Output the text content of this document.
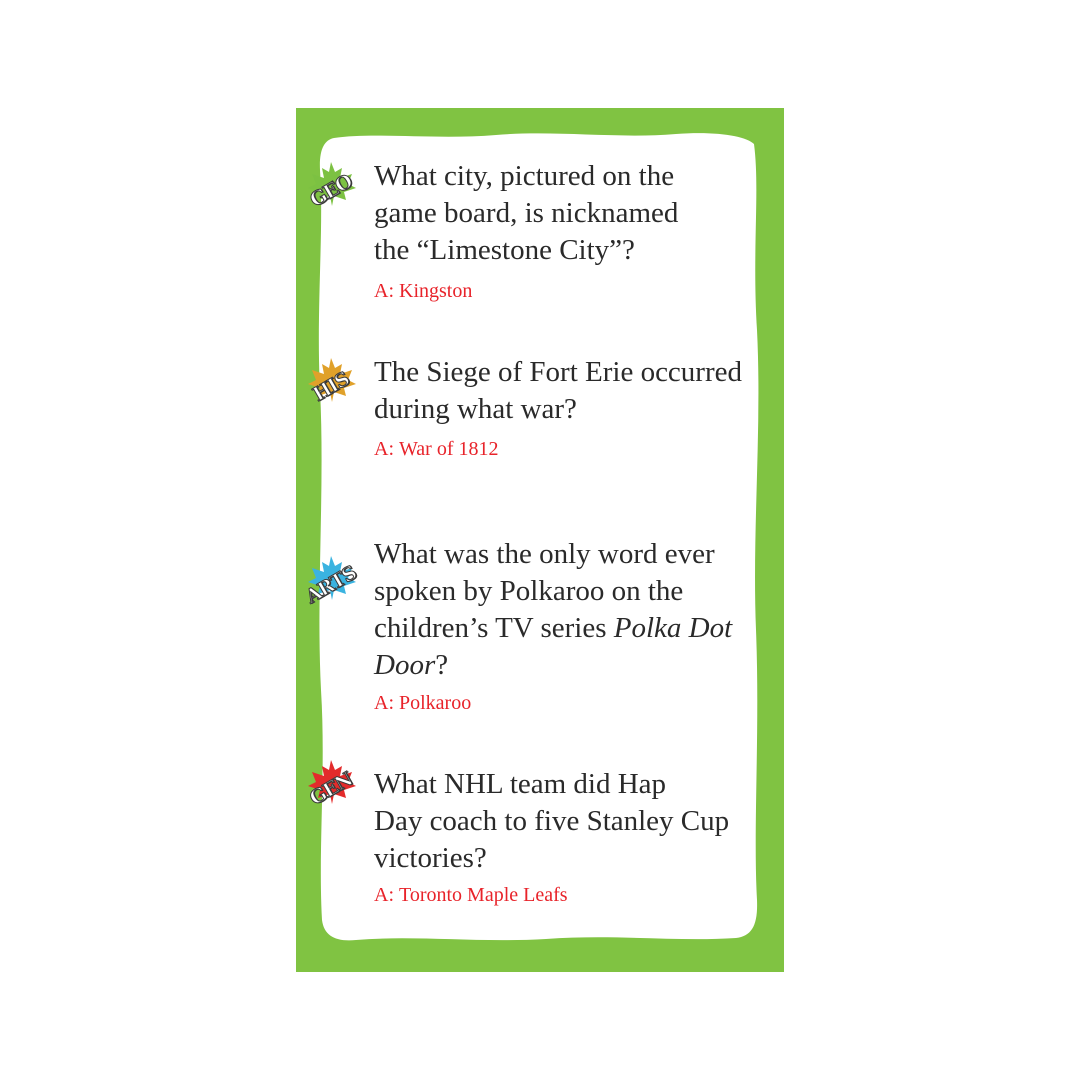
GEO What city, pictured on the
game board, is nicknamed
the “Limestone City”?
A: Kingston
HIS The Siege of Fort Erie occurred
during what war?
A: War of 1812
ARTS
What was the only word ever
spoken by Polkaroo on the
children’s TV series Polka Dot
Door?
A: Polkaroo
GEN What NHL team did Hap
Day coach to five Stanley Cup
victories?
A: Toronto Maple Leafs
